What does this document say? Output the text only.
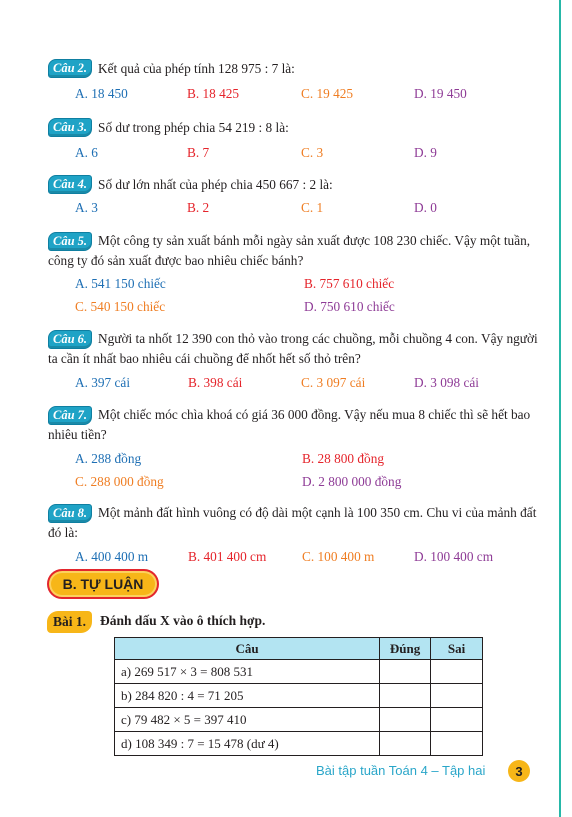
Câu 2. Kết quả của phép tính 128 975 : 7 là:
A. 18 450	B. 18 425	C. 19 425	D. 19 450
Câu 3. Số dư trong phép chia 54 219 : 8 là:
A. 6	B. 7	C. 3	D. 9
Câu 4. Số dư lớn nhất của phép chia 450 667 : 2 là:
A. 3	B. 2	C. 1	D. 0
Câu 5. Một công ty sản xuất bánh mỗi ngày sản xuất được 108 230 chiếc. Vậy một tuần, công ty đó sản xuất được bao nhiêu chiếc bánh?
A. 541 150 chiếc	B. 757 610 chiếc
C. 540 150 chiếc	D. 750 610 chiếc
Câu 6. Người ta nhốt 12 390 con thỏ vào trong các chuồng, mỗi chuồng 4 con. Vậy người ta cần ít nhất bao nhiêu cái chuồng để nhốt hết số thỏ trên?
A. 397 cái	B. 398 cái	C. 3 097 cái	D. 3 098 cái
Câu 7. Một chiếc móc chìa khoá có giá 36 000 đồng. Vậy nếu mua 8 chiếc thì sẽ hết bao nhiêu tiền?
A. 288 đồng	B. 28 800 đồng
C. 288 000 đồng	D. 2 800 000 đồng
Câu 8. Một mảnh đất hình vuông có độ dài một cạnh là 100 350 cm. Chu vi của mảnh đất đó là:
A. 400 400 m	B. 401 400 cm	C. 100 400 m	D. 100 400 cm
B. TỰ LUẬN
Bài 1.	Đánh dấu X vào ô thích hợp.
Câu	Đúng	Sai
a) 269 517 × 3 = 808 531		
b) 284 820 : 4 = 71 205		
c) 79 482 × 5 = 397 410		
d) 108 349 : 7 = 15 478 (dư 4)		
Bài tập tuần Toán 4 – Tập hai	3
